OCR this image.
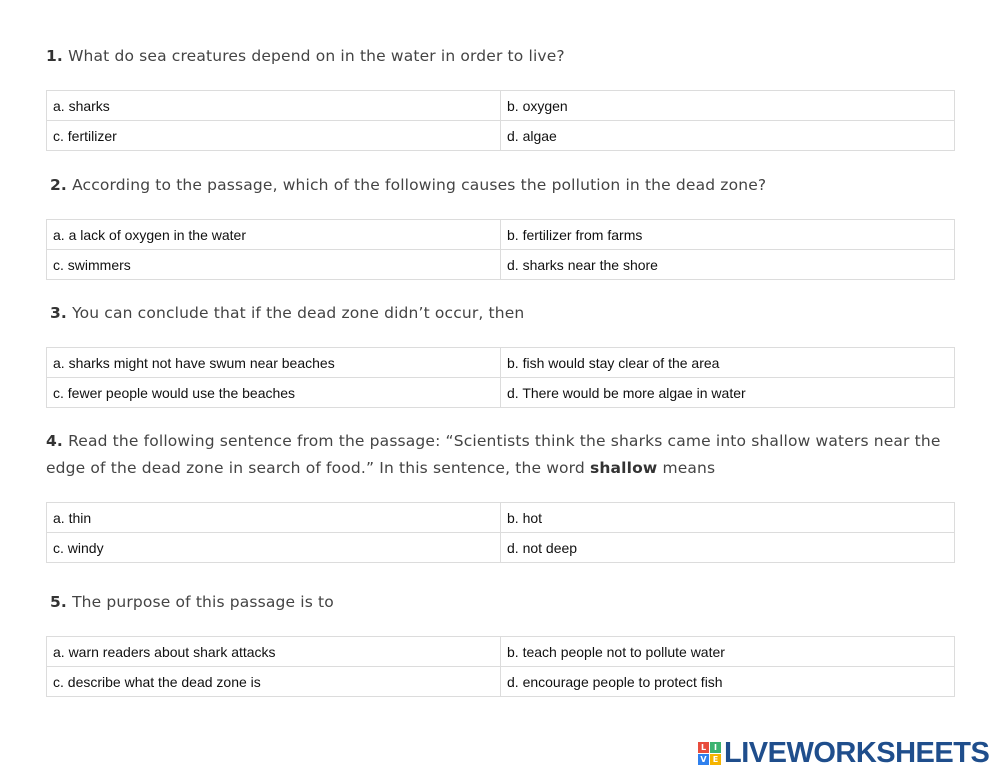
1. What do sea creatures depend on in the water in order to live?
a. sharks	b. oxygen
c. fertilizer	d. algae
2. According to the passage, which of the following causes the pollution in the dead zone?
a. a lack of oxygen in the water	b. fertilizer from farms
c. swimmers	d. sharks near the shore
3. You can conclude that if the dead zone didn’t occur, then
a. sharks might not have swum near beaches	b. fish would stay clear of the area
c. fewer people would use the beaches	d. There would be more algae in water
4. Read the following sentence from the passage: “Scientists think the sharks came into shallow waters near the edge of the dead zone in search of food.” In this sentence, the word shallow means
a. thin	b. hot
c. windy	d. not deep
5. The purpose of this passage is to
a. warn readers about shark attacks	b. teach people not to pollute water
c. describe what the dead zone is	d. encourage people to protect fish
L I
V E LIVEWORKSHEETS
